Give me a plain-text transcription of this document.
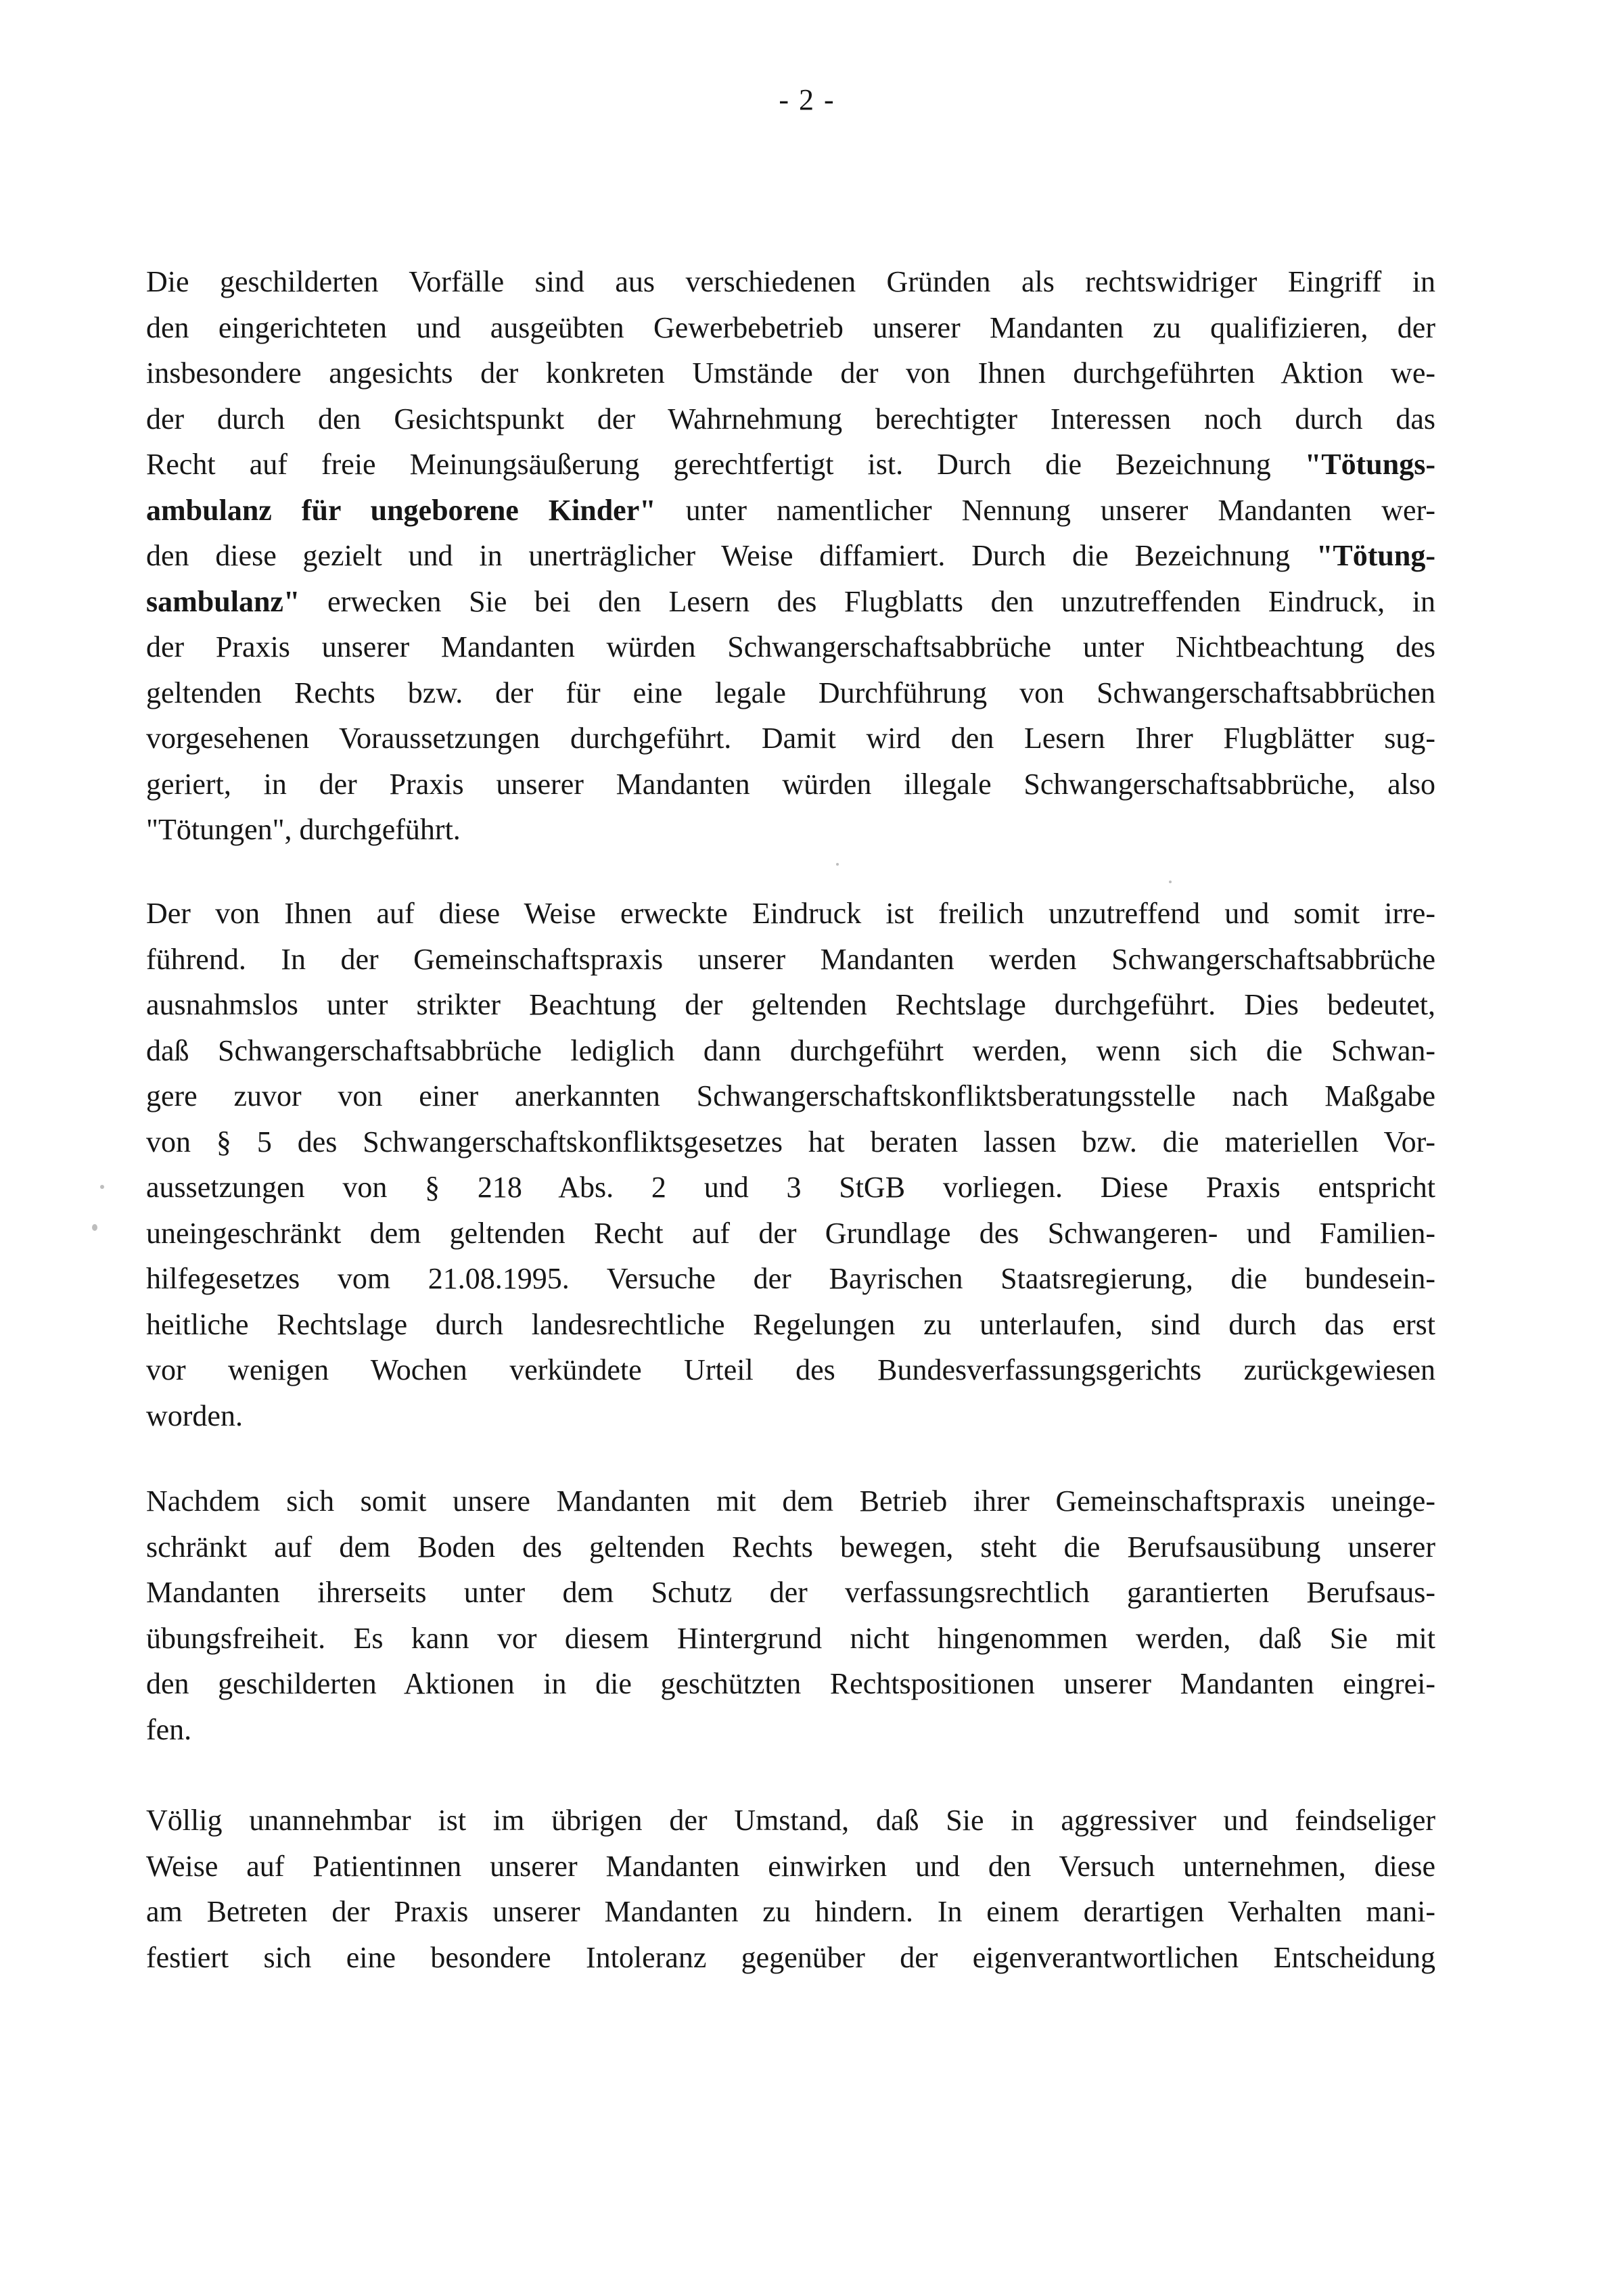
- 2 -
Die geschilderten Vorfälle sind aus verschiedenen Gründen als rechtswidriger Eingriff in
den eingerichteten und ausgeübten Gewerbebetrieb unserer Mandanten zu qualifizieren, der
insbesondere angesichts der konkreten Umstände der von Ihnen durchgeführten Aktion we-
der durch den Gesichtspunkt der Wahrnehmung berechtigter Interessen noch durch das
Recht auf freie Meinungsäußerung gerechtfertigt ist. Durch die Bezeichnung "Tötungs-
ambulanz für ungeborene Kinder" unter namentlicher Nennung unserer Mandanten wer-
den diese gezielt und in unerträglicher Weise diffamiert. Durch die Bezeichnung "Tötung-
sambulanz" erwecken Sie bei den Lesern des Flugblatts den unzutreffenden Eindruck, in
der Praxis unserer Mandanten würden Schwangerschaftsabbrüche unter Nichtbeachtung des
geltenden Rechts bzw. der für eine legale Durchführung von Schwangerschaftsabbrüchen
vorgesehenen Voraussetzungen durchgeführt. Damit wird den Lesern Ihrer Flugblätter sug-
geriert, in der Praxis unserer Mandanten würden illegale Schwangerschaftsabbrüche, also
"Tötungen", durchgeführt.
Der von Ihnen auf diese Weise erweckte Eindruck ist freilich unzutreffend und somit irre-
führend. In der Gemeinschaftspraxis unserer Mandanten werden Schwangerschaftsabbrüche
ausnahmslos unter strikter Beachtung der geltenden Rechtslage durchgeführt. Dies bedeutet,
daß Schwangerschaftsabbrüche lediglich dann durchgeführt werden, wenn sich die Schwan-
gere zuvor von einer anerkannten Schwangerschaftskonfliktsberatungsstelle nach Maßgabe
von § 5 des Schwangerschaftskonfliktsgesetzes hat beraten lassen bzw. die materiellen Vor-
aussetzungen von § 218 Abs. 2 und 3 StGB vorliegen. Diese Praxis entspricht
uneingeschränkt dem geltenden Recht auf der Grundlage des Schwangeren- und Familien-
hilfegesetzes vom 21.08.1995. Versuche der Bayrischen Staatsregierung, die bundesein-
heitliche Rechtslage durch landesrechtliche Regelungen zu unterlaufen, sind durch das erst
vor wenigen Wochen verkündete Urteil des Bundesverfassungsgerichts zurückgewiesen
worden.
Nachdem sich somit unsere Mandanten mit dem Betrieb ihrer Gemeinschaftspraxis uneinge-
schränkt auf dem Boden des geltenden Rechts bewegen, steht die Berufsausübung unserer
Mandanten ihrerseits unter dem Schutz der verfassungsrechtlich garantierten Berufsaus-
übungsfreiheit. Es kann vor diesem Hintergrund nicht hingenommen werden, daß Sie mit
den geschilderten Aktionen in die geschützten Rechtspositionen unserer Mandanten eingrei-
fen.
Völlig unannehmbar ist im übrigen der Umstand, daß Sie in aggressiver und feindseliger
Weise auf Patientinnen unserer Mandanten einwirken und den Versuch unternehmen, diese
am Betreten der Praxis unserer Mandanten zu hindern. In einem derartigen Verhalten mani-
festiert sich eine besondere Intoleranz gegenüber der eigenverantwortlichen Entscheidung
